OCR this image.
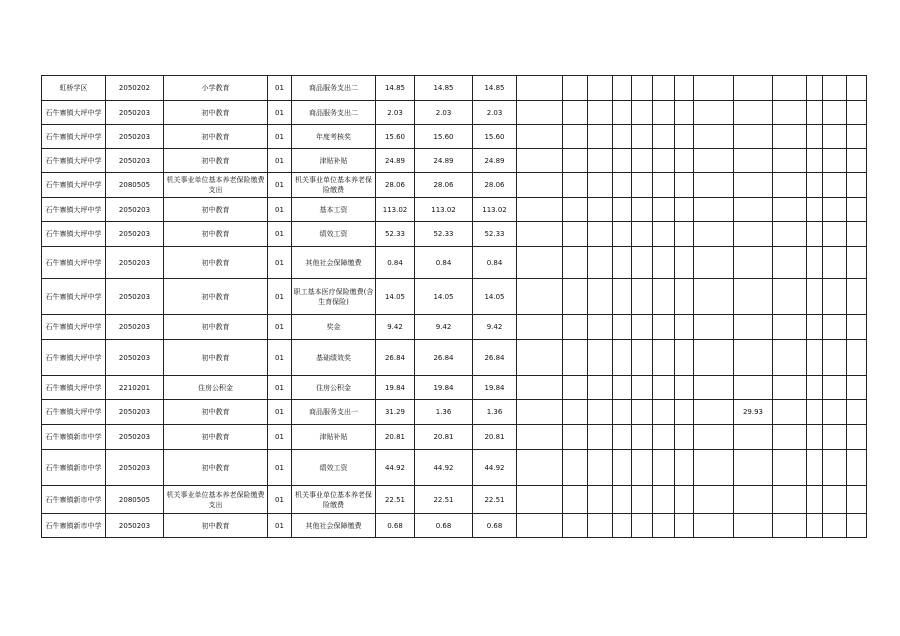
虹桥学区	2050202	小学教育	01	商品服务支出二	14.85	14.85	14.85													
石牛寨镇大坪中学	2050203	初中教育	01	商品服务支出二	2.03	2.03	2.03													
石牛寨镇大坪中学	2050203	初中教育	01	年度考核奖	15.60	15.60	15.60													
石牛寨镇大坪中学	2050203	初中教育	01	津贴补贴	24.89	24.89	24.89													
石牛寨镇大坪中学	2080505	机关事业单位基本养老保险缴费支出	01	机关事业单位基本养老保险缴费	28.06	28.06	28.06													
石牛寨镇大坪中学	2050203	初中教育	01	基本工资	113.02	113.02	113.02													
石牛寨镇大坪中学	2050203	初中教育	01	绩效工资	52.33	52.33	52.33													
石牛寨镇大坪中学	2050203	初中教育	01	其他社会保障缴费	0.84	0.84	0.84													
石牛寨镇大坪中学	2050203	初中教育	01	职工基本医疗保险缴费(含生育保险)	14.05	14.05	14.05													
石牛寨镇大坪中学	2050203	初中教育	01	奖金	9.42	9.42	9.42													
石牛寨镇大坪中学	2050203	初中教育	01	基础绩效奖	26.84	26.84	26.84													
石牛寨镇大坪中学	2210201	住房公积金	01	住房公积金	19.84	19.84	19.84													
石牛寨镇大坪中学	2050203	初中教育	01	商品服务支出一	31.29	1.36	1.36									29.93				
石牛寨镇新市中学	2050203	初中教育	01	津贴补贴	20.81	20.81	20.81													
石牛寨镇新市中学	2050203	初中教育	01	绩效工资	44.92	44.92	44.92													
石牛寨镇新市中学	2080505	机关事业单位基本养老保险缴费支出	01	机关事业单位基本养老保险缴费	22.51	22.51	22.51													
石牛寨镇新市中学	2050203	初中教育	01	其他社会保障缴费	0.68	0.68	0.68													
